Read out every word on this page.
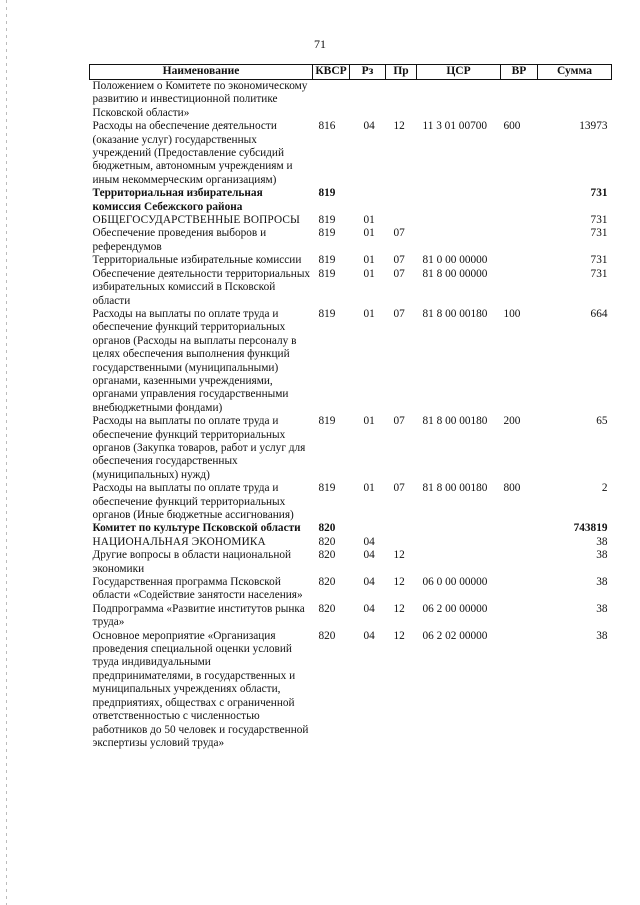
71
Наименование	КВСР	Рз	Пр	ЦСР	ВР	Сумма
Положением о Комитете по экономическому развитию и инвестиционной политике Псковской области»						
Расходы на обеспечение деятельности (оказание услуг) государственных учреждений (Предоставление субсидий бюджетным, автономным учреждениям и иным некоммерческим организациям)	816	04	12	11 3 01 00700	600	13973
Территориальная избирательная комиссия Себежского района	819					731
ОБЩЕГОСУДАРСТВЕННЫЕ ВОПРОСЫ	819	01				731
Обеспечение проведения выборов и референдумов	819	01	07			731
Территориальные избирательные комиссии	819	01	07	81 0 00 00000		731
Обеспечение деятельности территориальных избирательных комиссий в Псковской области	819	01	07	81 8 00 00000		731
Расходы на выплаты по оплате труда и обеспечение функций территориальных органов (Расходы на выплаты персоналу в целях обеспечения выполнения функций государственными (муниципальными) органами, казенными учреждениями, органами управления государственными внебюджетными фондами)	819	01	07	81 8 00 00180	100	664
Расходы на выплаты по оплате труда и обеспечение функций территориальных органов (Закупка товаров, работ и услуг для обеспечения государственных (муниципальных) нужд)	819	01	07	81 8 00 00180	200	65
Расходы на выплаты по оплате труда и обеспечение функций территориальных органов (Иные бюджетные ассигнования)	819	01	07	81 8 00 00180	800	2
Комитет по культуре Псковской области	820					743819
НАЦИОНАЛЬНАЯ ЭКОНОМИКА	820	04				38
Другие вопросы в области национальной экономики	820	04	12			38
Государственная программа Псковской области «Содействие занятости населения»	820	04	12	06 0 00 00000		38
Подпрограмма «Развитие институтов рынка труда»	820	04	12	06 2 00 00000		38
Основное мероприятие «Организация проведения специальной оценки условий труда индивидуальными предпринимателями, в государственных и муниципальных учреждениях области, предприятиях, обществах с ограниченной ответственностью с численностью работников до 50 человек и государственной экспертизы условий труда»	820	04	12	06 2 02 00000		38
